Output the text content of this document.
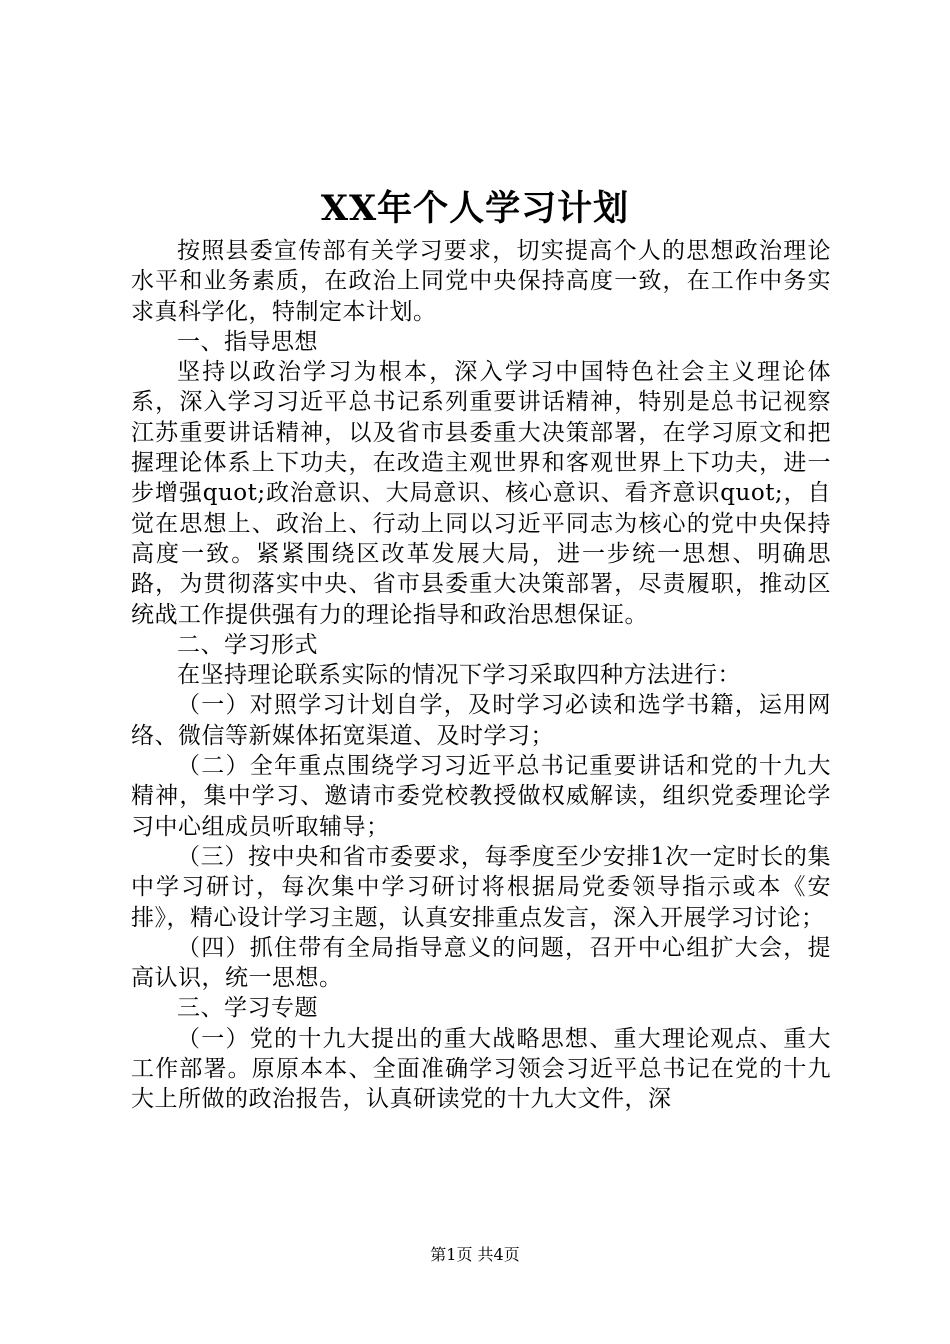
XX年个人学习计划

按照县委宣传部有关学习要求，切实提高个人的思想政治理论水平和业务素质，在政治上同党中央保持高度一致，在工作中务实求真科学化，特制定本计划。

一、指导思想

坚持以政治学习为根本，深入学习中国特色社会主义理论体系，深入学习习近平总书记系列重要讲话精神，特别是总书记视察江苏重要讲话精神，以及省市县委重大决策部署，在学习原文和把握理论体系上下功夫，在改造主观世界和客观世界上下功夫，进一步增强quot;政治意识、大局意识、核心意识、看齐意识quot;，自觉在思想上、政治上、行动上同以习近平同志为核心的党中央保持高度一致。紧紧围绕区改革发展大局，进一步统一思想、明确思路，为贯彻落实中央、省市县委重大决策部署，尽责履职，推动区统战工作提供强有力的理论指导和政治思想保证。

二、学习形式

在坚持理论联系实际的情况下学习采取四种方法进行：

（一）对照学习计划自学，及时学习必读和选学书籍，运用网络、微信等新媒体拓宽渠道、及时学习；

（二）全年重点围绕学习习近平总书记重要讲话和党的十九大精神，集中学习、邀请市委党校教授做权威解读，组织党委理论学习中心组成员听取辅导；

（三）按中央和省市委要求，每季度至少安排1次一定时长的集中学习研讨，每次集中学习研讨将根据局党委领导指示或本《安排》，精心设计学习主题，认真安排重点发言，深入开展学习讨论；

（四）抓住带有全局指导意义的问题，召开中心组扩大会，提高认识，统一思想。

三、学习专题

（一）党的十九大提出的重大战略思想、重大理论观点、重大工作部署。原原本本、全面准确学习领会习近平总书记在党的十九大上所做的政治报告，认真研读党的十九大文件，深

第1页 共4页
